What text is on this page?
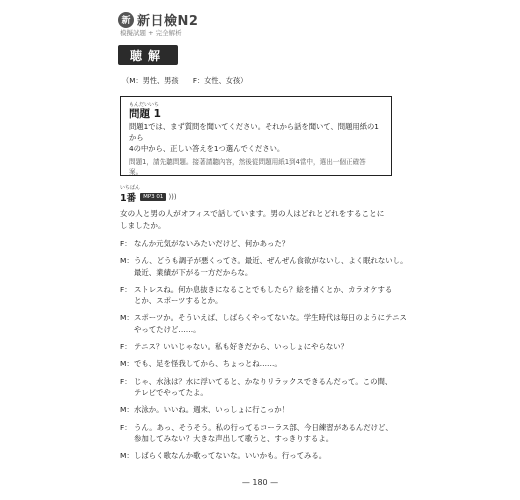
新 新日檢N2
模擬試題 + 完全解析
聴解
（M：男性、男孩　　F：女性、女孩）
もんだいいち
問題 1
問題1では、まず質問を聞いてください。それから話を聞いて、問題用紙の1から
4の中から、正しい答えを1つ選んでください。
問題1，請先聽問題。接著請聽內容，然後從問題用紙1到4當中，選出一個正確答
案。
いちばん
1番	MP3 01 )))
女の人と男の人がオフィスで話しています。男の人はどれとどれをすることに
しましたか。
F： なんか元気がないみたいだけど、何かあった？
M： うん、どうも調子が悪くってさ。最近、ぜんぜん食欲がないし、よく眠れないし。
最近、業績が下がる一方だからな。
F： ストレスね。何か息抜きになることでもしたら？絵を描くとか、カラオケする
とか、スポーツするとか。
M： スポーツか。そういえば、しばらくやってないな。学生時代は毎日のようにテニス
やってたけど……。
F： テニス？いいじゃない。私も好きだから、いっしょにやらない？
M： でも、足を怪我してから、ちょっとね……。
F： じゃ、水泳は？水に浮いてると、かなりリラックスできるんだって。この間、
テレビでやってたよ。
M： 水泳か。いいね。週末、いっしょに行こっか！
F： うん。あっ、そうそう。私の行ってるコーラス部、今日練習があるんだけど、
参加してみない？大きな声出して歌うと、すっきりするよ。
M： しばらく歌なんか歌ってないな。いいかも。行ってみる。
— 180 —
